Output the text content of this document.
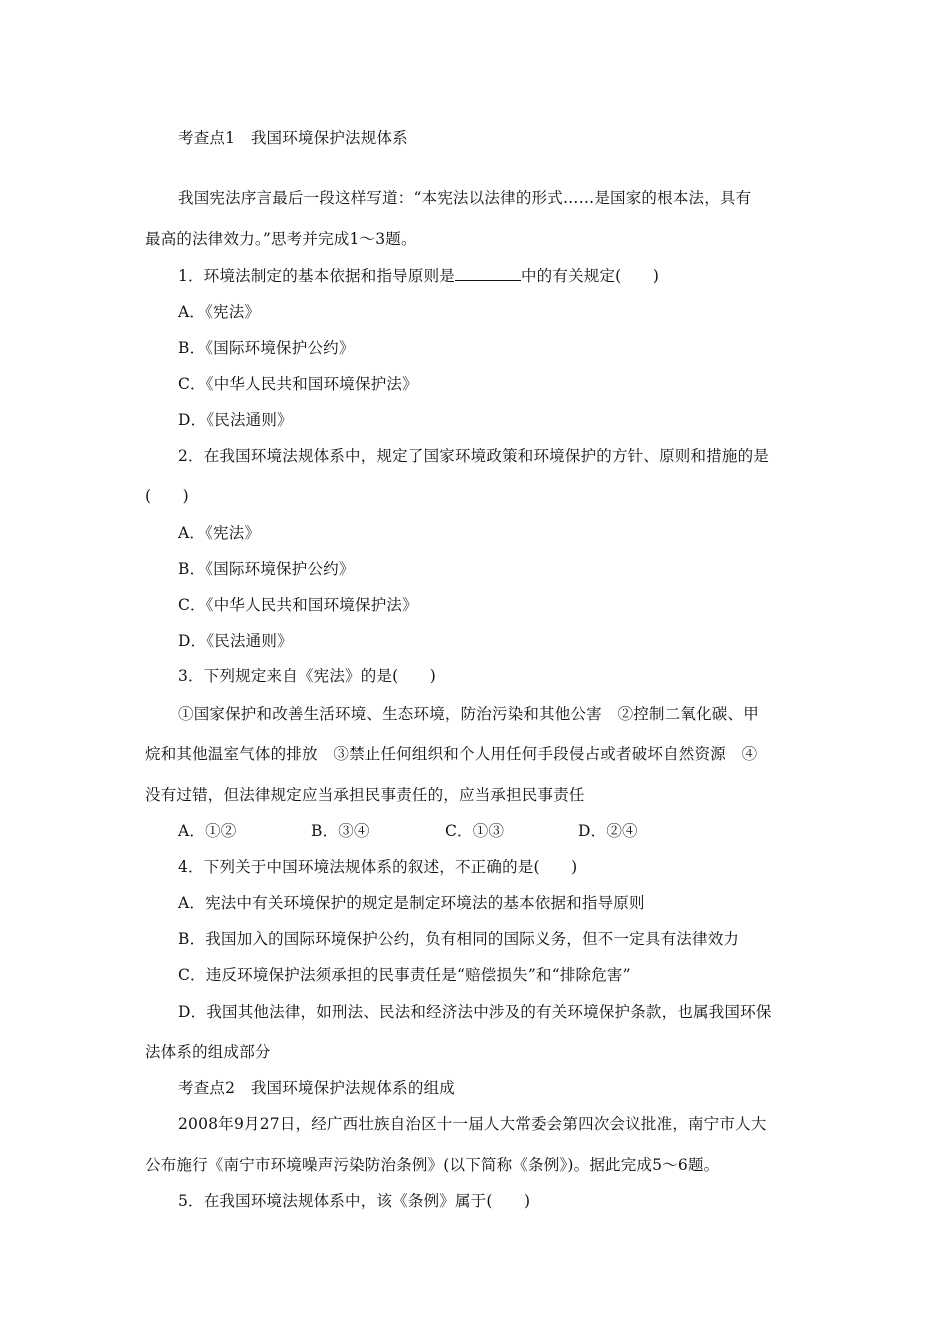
考查点1　我国环境保护法规体系
我国宪法序言最后一段这样写道：“本宪法以法律的形式……是国家的根本法，具有
最高的法律效力。”思考并完成1～3题。
1．环境法制定的基本依据和指导原则是	中的有关规定(　　)
A．《宪法》
B．《国际环境保护公约》
C．《中华人民共和国环境保护法》
D．《民法通则》
2．在我国环境法规体系中，规定了国家环境政策和环境保护的方针、原则和措施的是
(　　)
A．《宪法》
B．《国际环境保护公约》
C．《中华人民共和国环境保护法》
D．《民法通则》
3．下列规定来自《宪法》的是(　　)
①国家保护和改善生活环境、生态环境，防治污染和其他公害　②控制二氧化碳、甲
烷和其他温室气体的排放　③禁止任何组织和个人用任何手段侵占或者破坏自然资源　④
没有过错，但法律规定应当承担民事责任的，应当承担民事责任
A．①②	B．③④	C．①③	D．②④
4．下列关于中国环境法规体系的叙述，不正确的是(　　)
A．宪法中有关环境保护的规定是制定环境法的基本依据和指导原则
B．我国加入的国际环境保护公约，负有相同的国际义务，但不一定具有法律效力
C．违反环境保护法须承担的民事责任是“赔偿损失”和“排除危害”
D．我国其他法律，如刑法、民法和经济法中涉及的有关环境保护条款，也属我国环保
法体系的组成部分
考查点2　我国环境保护法规体系的组成
2008年9月27日，经广西壮族自治区十一届人大常委会第四次会议批准，南宁市人大
公布施行《南宁市环境噪声污染防治条例》(以下简称《条例》)。据此完成5～6题。
5．在我国环境法规体系中，该《条例》属于(　　)
